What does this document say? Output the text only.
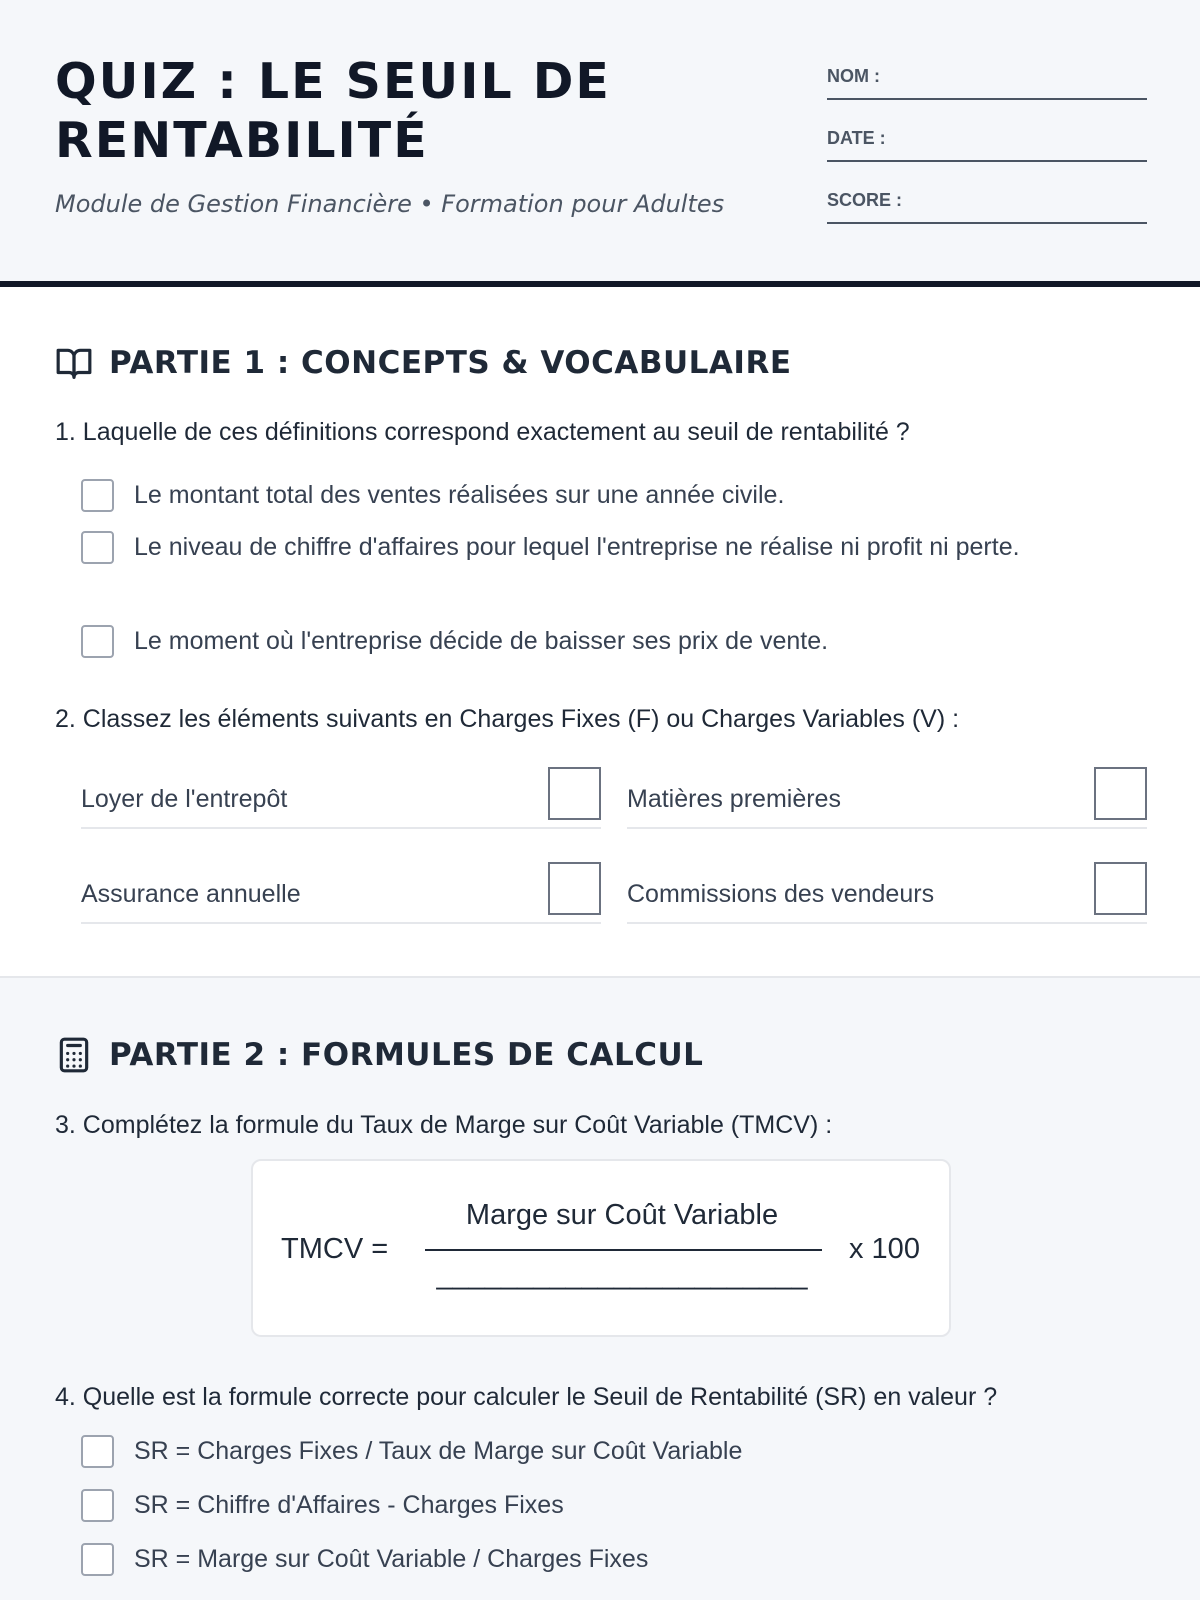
QUIZ : LE SEUIL DE RENTABILITÉ
Module de Gestion Financière • Formation pour Adultes
NOM :
DATE :
SCORE :
PARTIE 1 : CONCEPTS & VOCABULAIRE
1. Laquelle de ces définitions correspond exactement au seuil de rentabilité ?
Le montant total des ventes réalisées sur une année civile.
Le niveau de chiffre d'affaires pour lequel l'entreprise ne réalise ni profit ni perte.
Le moment où l'entreprise décide de baisser ses prix de vente.
2. Classez les éléments suivants en Charges Fixes (F) ou Charges Variables (V) :
Loyer de l'entrepôt	Matières premières
Assurance annuelle	Commissions des vendeurs
PARTIE 2 : FORMULES DE CALCUL
3. Complétez la formule du Taux de Marge sur Coût Variable (TMCV) :
TMCV =
Marge sur Coût Variable
_______________________
x 100
4. Quelle est la formule correcte pour calculer le Seuil de Rentabilité (SR) en valeur ?
SR = Charges Fixes / Taux de Marge sur Coût Variable
SR = Chiffre d'Affaires - Charges Fixes
SR = Marge sur Coût Variable / Charges Fixes
